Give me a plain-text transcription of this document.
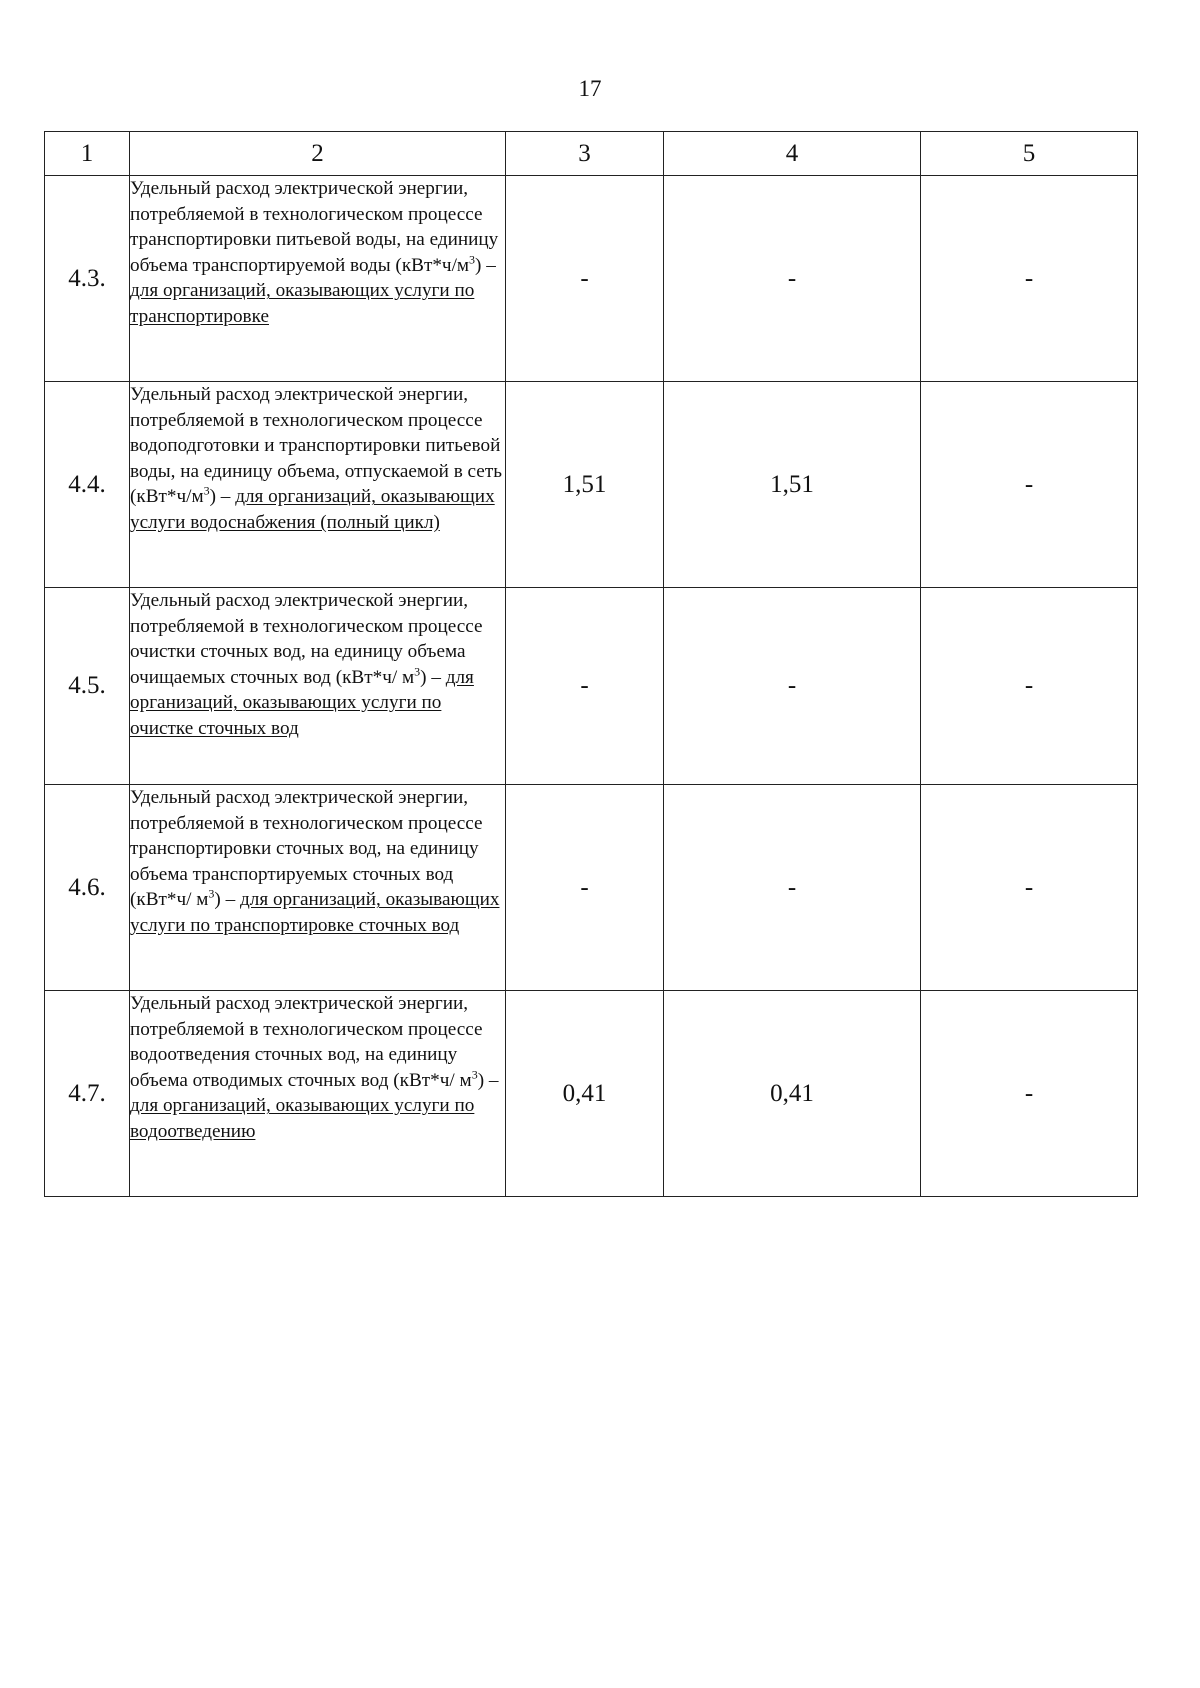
17
1	2	3	4	5
4.3.	Удельный расход электрической энергии, потребляемой в технологическом процессе транспортировки питьевой воды, на единицу объема транспортируемой воды $(кВт*ч/м^3)$ – для организаций, оказывающих услуги по транспортировке	-	-	-
4.4.	Удельный расход электрической энергии, потребляемой в технологическом процессе водоподготовки и транспортировки питьевой воды, на единицу объема, отпускаемой в сеть $(кВт*ч/м^3)$ – для организаций, оказывающих услуги водоснабжения (полный цикл)	1,51	1,51	-
4.5.	Удельный расход электрической энергии, потребляемой в технологическом процессе очистки сточных вод, на единицу объема очищаемых сточных вод (кВт*ч/ $м^3$) – для организаций, оказывающих услуги по очистке сточных вод	-	-	-
4.6.	Удельный расход электрической энергии, потребляемой в технологическом процессе транспортировки сточных вод, на единицу объема транспортируемых сточных вод (кВт*ч/ $м^3$) – для организаций, оказывающих услуги по транспортировке сточных вод	-	-	-
4.7.	Удельный расход электрической энергии, потребляемой в технологическом процессе водоотведения сточных вод, на единицу объема отводимых сточных вод (кВт*ч/ $м^3$) – для организаций, оказывающих услуги по водоотведению	0,41	0,41	-
